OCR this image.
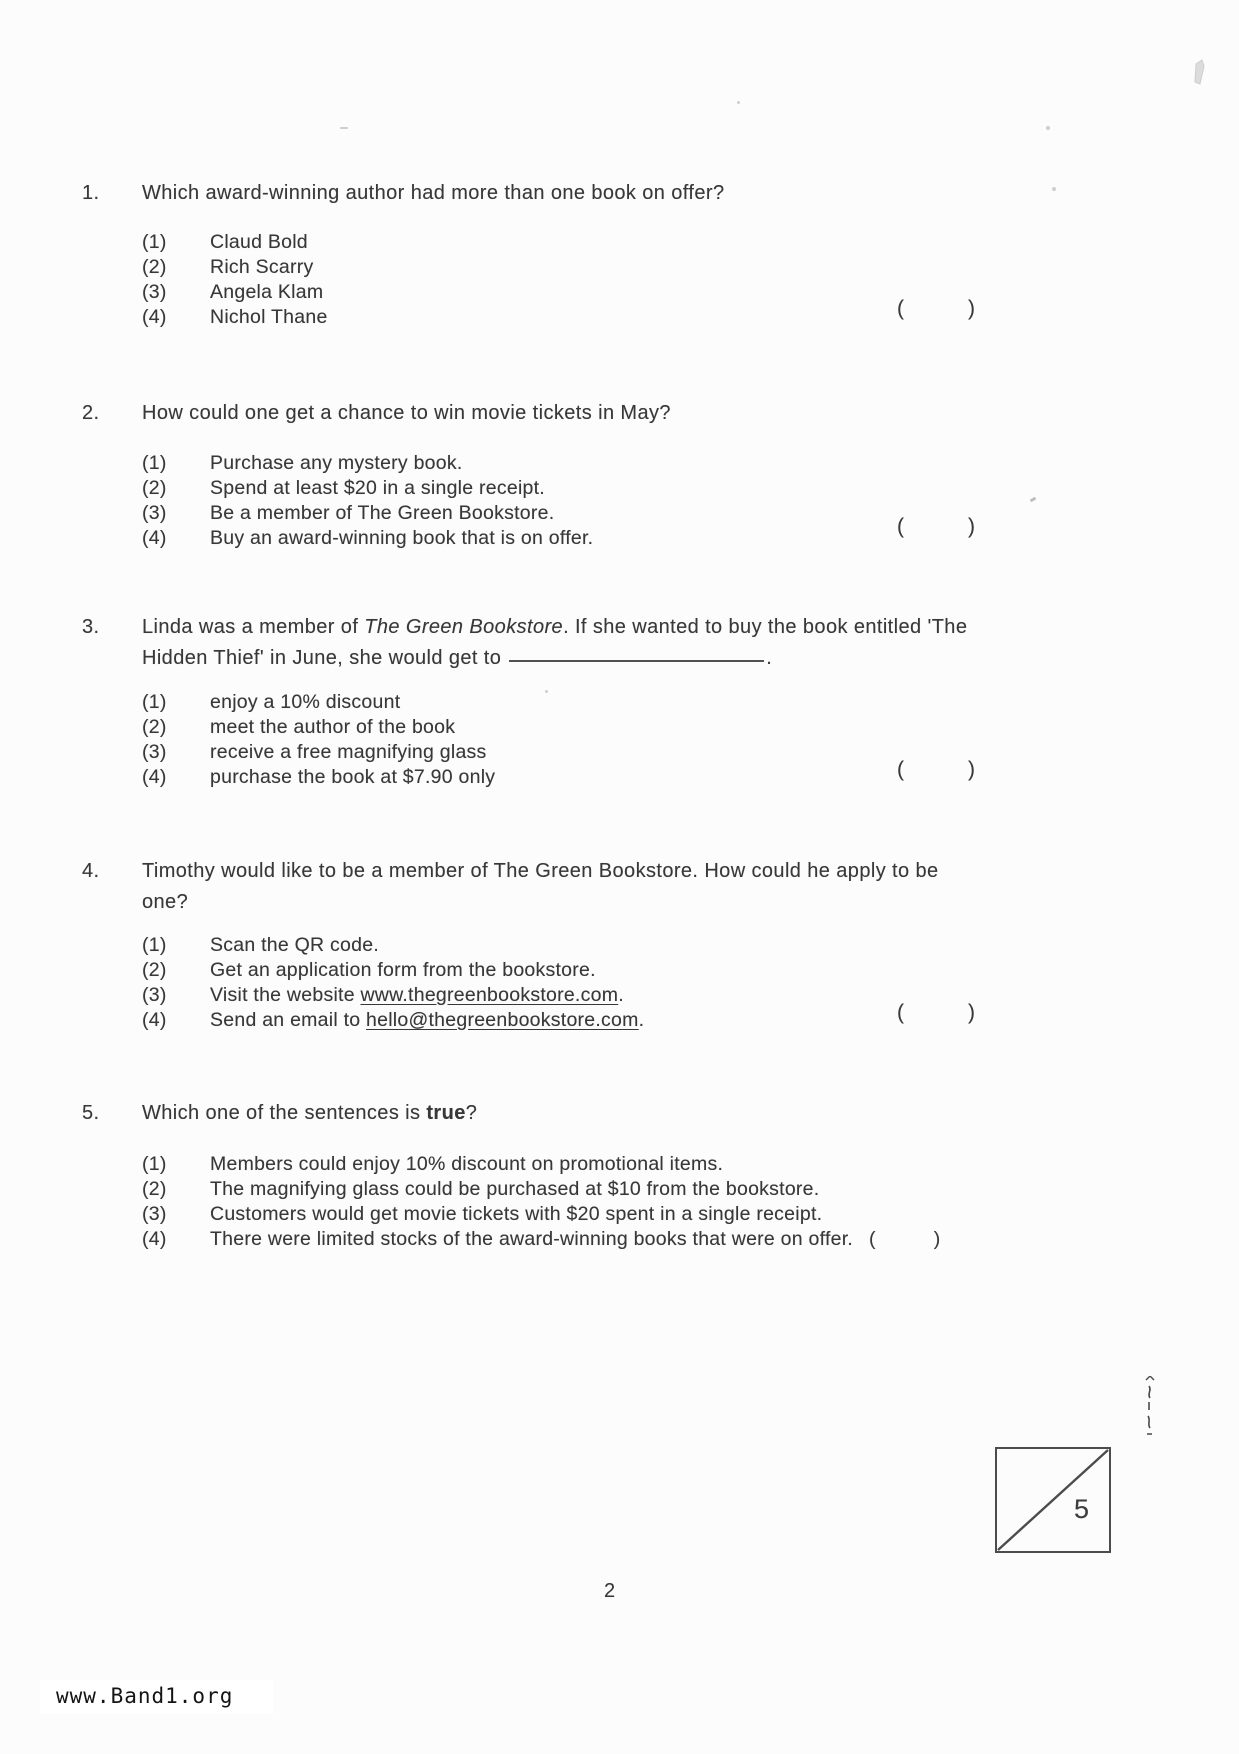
1. Which award-winning author had more than one book on offer?
(1)	Claud Bold
(2)	Rich Scarry
(3)	Angela Klam
(4)	Nichol Thane	(	)
2. How could one get a chance to win movie tickets in May?
(1)	Purchase any mystery book.
(2)	Spend at least $20 in a single receipt.
(3)	Be a member of The Green Bookstore.
(4)	Buy an award-winning book that is on offer.	(	)
3. Linda was a member of The Green Bookstore. If she wanted to buy the book entitled 'The
Hidden Thief' in June, she would get to	.
(1)	enjoy a 10% discount
(2)	meet the author of the book
(3)	receive a free magnifying glass
(4)	purchase the book at $7.90 only	(	)
4. Timothy would like to be a member of The Green Bookstore. How could he apply to be
one?
(1)	Scan the QR code.
(2)	Get an application form from the bookstore.
(3)	Visit the website www.thegreenbookstore.com.
(4)	Send an email to hello@thegreenbookstore.com.	(	)
5. Which one of the sentences is true?
(1)	Members could enjoy 10% discount on promotional items.
(2)	The magnifying glass could be purchased at $10 from the bookstore.
(3)	Customers would get movie tickets with $20 spent in a single receipt.
(4)	There were limited stocks of the award-winning books that were on offer. (	)
5
2
www.Band1.org
